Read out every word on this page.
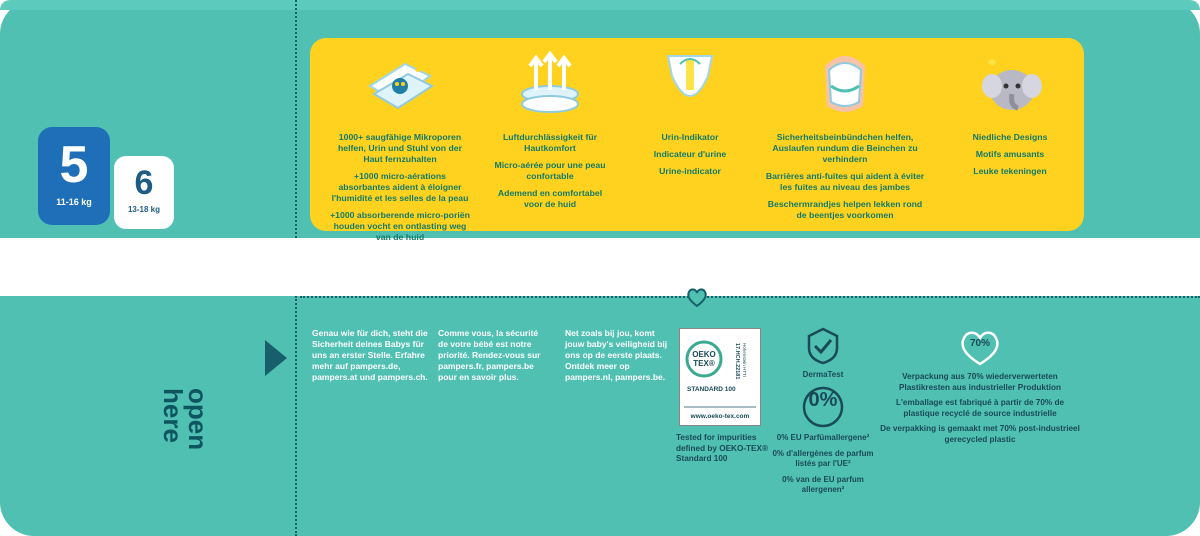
5
11-16 kg	6
13-18 kg

1000+ saugfähige Mikroporen helfen, Urin und Stuhl von der Haut fernzuhalten

+1000 micro-aérations absorbantes aident à éloigner l'humidité et les selles de la peau

+1000 absorberende micro-poriën houden vocht en ontlasting weg van de huid

Luftdurchlässigkeit für Hautkomfort

Micro-aérée pour une peau confortable

Ademend en comfortabel voor de huid

Urin-Indikator

Indicateur d'urine

Urine-indicator

Sicherheitsbeinbündchen helfen, Auslaufen rundum die Beinchen zu verhindern

Barrières anti-fuites qui aident à éviter les fuites au niveau des jambes

Beschermrandjes helpen lekken rond de beentjes voorkomen

Niedliche Designs

Motifs amusants

Leuke tekeningen

open
here
Genau wie für dich, steht die Sicherheit deines Babys für uns an erster Stelle. Erfahre mehr auf pampers.de, pampers.at und pampers.ch.
Comme vous, la sécurité de votre bébé est notre priorité. Rendez-vous sur pampers.fr, pampers.be pour en savoir plus.
Net zoals bij jou, komt jouw baby's veiligheid bij ons op de eerste plaats. Ontdek meer op pampers.nl, pampers.be.
OEKO
TEX®
STANDARD 100
17.HCH.22181 Hohenstein HTTI
www.oeko-tex.com
Tested for impurities defined by OEKO-TEX® Standard 100

DermaTest

0%

0% EU Parfümallergene²

0% d'allergènes de parfum listés par l'UE²

0% van de EU parfum allergenen²

70%

Verpackung aus 70% wiederverwerteten Plastikresten aus industrieller Produktion

L'emballage est fabriqué à partir de 70% de plastique recyclé de source industrielle

De verpakking is gemaakt met 70% post-industrieel gerecycled plastic
